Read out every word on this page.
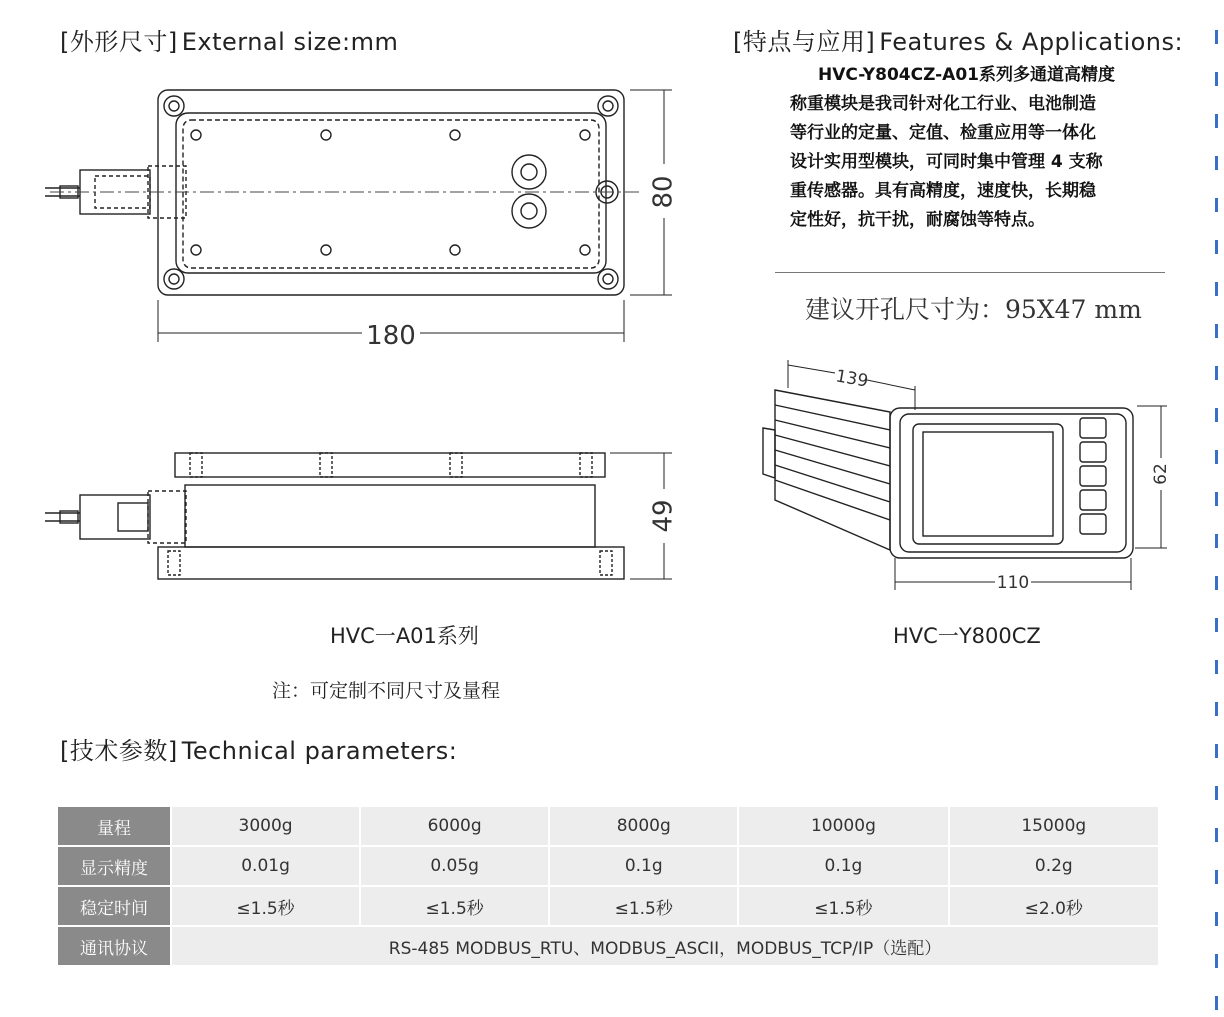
[外形尺寸] External size:mm	[特点与应用] Features & Applications:

HVC-Y804CZ-A01系列多通道高精度

称重模块是我司针对化工行业、电池制造

等行业的定量、定值、检重应用等一体化

设计实用型模块，可同时集中管理 4 支称

重传感器。具有高精度，速度快，长期稳

定性好，抗干扰，耐腐蚀等特点。

建议开孔尺寸为：95X47 mm
180
80
49
139
62
110
HVC一A01系列	HVC一Y800CZ
注：可定制不同尺寸及量程
[技术参数] Technical parameters:
量程	3000g	6000g	8000g	10000g	15000g
显示精度	0.01g	0.05g	0.1g	0.1g	0.2g
稳定时间	≤1.5秒	≤1.5秒	≤1.5秒	≤1.5秒	≤2.0秒
通讯协议	RS-485 MODBUS_RTU、MODBUS_ASCII，MODBUS_TCP/IP（选配）				
